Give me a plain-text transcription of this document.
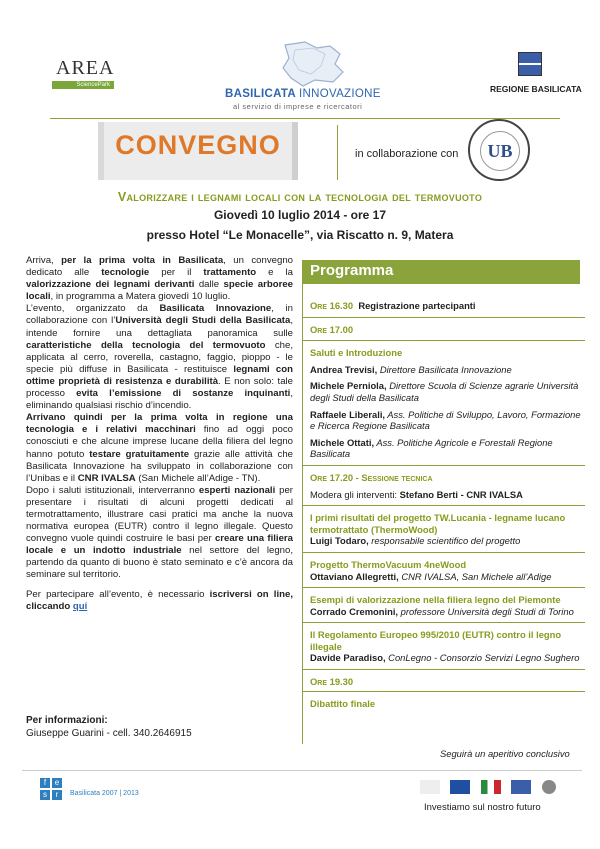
AREA
SciencePark
BASILICATA INNOVAZIONE
al servizio di imprese e ricercatori
REGIONE BASILICATA
CONVEGNO	in collaborazione con	UB
Valorizzare i legnami locali con la tecnologia del termovuoto
Giovedì 10 luglio 2014 - ore 17
presso Hotel “Le Monacelle”, via Riscatto n. 9, Matera

Arriva, per la prima volta in Basilicata, un convegno dedicato alle tecnologie per il trattamento e la valorizzazione dei legnami derivanti dalle specie arboree locali, in programma a Matera giovedì 10 luglio.

L’evento, organizzato da Basilicata Innovazione, in collaborazione con l’Università degli Studi della Basilicata, intende fornire una dettagliata panoramica sulle caratteristiche della tecnologia del termovuoto che, applicata al cerro, roverella, castagno, faggio, pioppo - le specie più diffuse in Basilicata - restituisce legnami con ottime proprietà di resistenza e durabilità. E non solo: tale processo evita l’emissione di sostanze inquinanti, eliminando qualsiasi rischio d’incendio.

Arrivano quindi per la prima volta in regione una tecnologia e i relativi macchinari fino ad oggi poco conosciuti e che alcune imprese lucane della filiera del legno hanno potuto testare gratuitamente grazie alle attività che Basilicata Innovazione ha sviluppato in collaborazione con l’Unibas e il CNR IVALSA (San Michele all’Adige - TN).

Dopo i saluti istituzionali, interverranno esperti nazionali per presentare i risultati di alcuni progetti dedicati al termotrattamento, illustrare casi pratici ma anche la nuova normativa europea (EUTR) contro il legno illegale. Questo convegno vuole quindi costruire le basi per creare una filiera locale e un indotto industriale nel settore del legno, partendo da quanto di buono è stato seminato e c’è ancora da seminare sul territorio.

Per partecipare all’evento, è necessario iscriversi on line, cliccando qui

Per informazioni:
Giuseppe Guarini - cell. 340.2646915
Programma
Ore 16.30 Registrazione partecipanti
Ore 17.00
Saluti e Introduzione
Andrea Trevisi, Direttore Basilicata Innovazione
Michele Perniola, Direttore Scuola di Scienze agrarie Università degli Studi della Basilicata
Raffaele Liberali, Ass. Politiche di Sviluppo, Lavoro, Formazione e Ricerca Regione Basilicata
Michele Ottati, Ass. Politiche Agricole e Forestali Regione Basilicata
Ore 17.20 - Sessione tecnica
Modera gli interventi: Stefano Berti - CNR IVALSA
I primi risultati del progetto TW.Lucania - legname lucano termotrattato (ThermoWood)
Luigi Todaro, responsabile scientifico del progetto
Progetto ThermoVacuum 4neWood
Ottaviano Allegretti, CNR IVALSA, San Michele all’Adige
Esempi di valorizzazione nella filiera legno del Piemonte
Corrado Cremonini, professore Università degli Studi di Torino
Il Regolamento Europeo 995/2010 (EUTR) contro il legno illegale
Davide Paradiso, ConLegno - Consorzio Servizi Legno Sughero
Ore 19.30
Dibattito finale
Seguirà un aperitivo conclusivo
f	e
s	r	Basilicata 2007 | 2013

Investiamo sul nostro futuro
